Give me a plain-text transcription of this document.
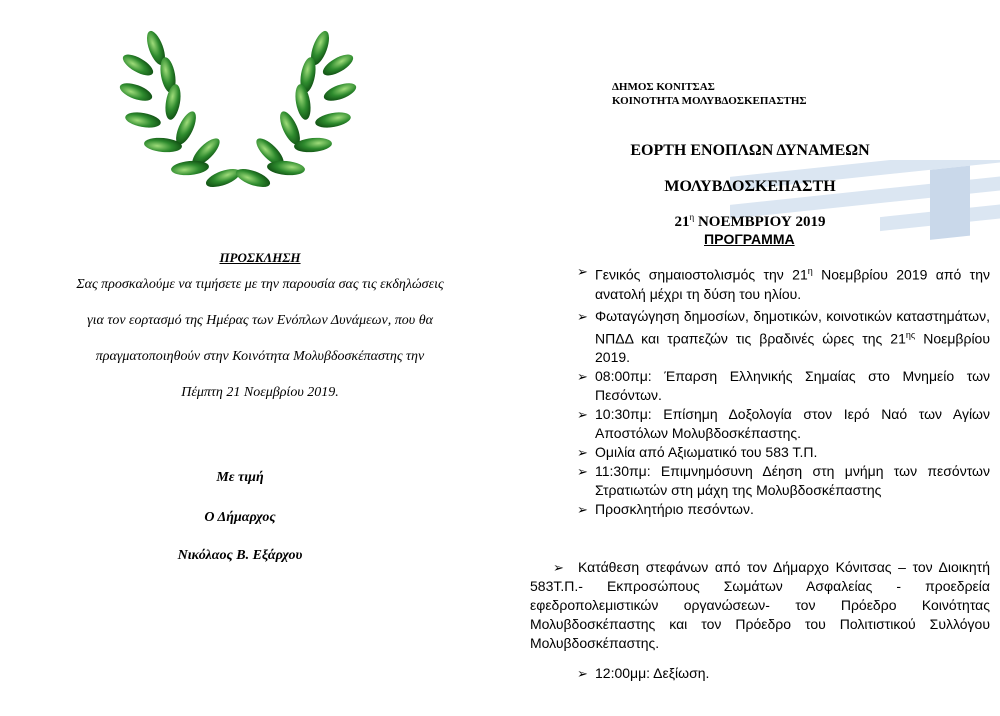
ΠΡΟΣΚΛΗΣΗ
Σας προσκαλούμε να τιμήσετε με την παρουσία σας τις εκδηλώσεις
για τον εορτασμό της Ημέρας των Ενόπλων Δυνάμεων, που θα
πραγματοποιηθούν στην Κοινότητα Μολυβδοσκέπαστης την
Πέμπτη 21 Νοεμβρίου 2019.
Με τιμή
Ο Δήμαρχος
Νικόλαος Β. Εξάρχου
ΔΗΜΟΣ ΚΟΝΙΤΣΑΣ
ΚΟΙΝΟΤΗΤΑ ΜΟΛΥΒΔΟΣΚΕΠΑΣΤΗΣ
ΕΟΡΤΗ ΕΝΟΠΛΩΝ ΔΥΝΑΜΕΩΝ
ΜΟΛΥΒΔΟΣΚΕΠΑΣΤΗ
$21^\eta$ ΝΟΕΜΒΡΙΟΥ 2019
ΠΡΟΓΡΑΜΜΑ
➢ Γενικός σημαιοστολισμός την $21^\eta$ Νοεμβρίου 2019 από την ανατολή μέχρι τη δύση του ηλίου.
➢ Φωταγώγηση δημοσίων, δημοτικών, κοινοτικών καταστημάτων, ΝΠΔΔ και τραπεζών τις βραδινές ώρες της $21^{\eta\varsigma}$ Νοεμβρίου 2019.
➢ 08:00πμ: Έπαρση Ελληνικής Σημαίας στο Μνημείο των Πεσόντων.
➢ 10:30πμ: Επίσημη Δοξολογία στον Ιερό Ναό των Αγίων Αποστόλων Μολυβδοσκέπαστης.
➢ Ομιλία από Αξιωματικό του 583 Τ.Π.
➢ 11:30πμ: Επιμνημόσυνη Δέηση στη μνήμη των πεσόντων Στρατιωτών στη μάχη της Μολυβδοσκέπαστης
➢ Προσκλητήριο πεσόντων.
➢	Κατάθεση στεφάνων από τον Δήμαρχο Κόνιτσας – τον Διοικητή 583Τ.Π.- Εκπροσώπους Σωμάτων Ασφαλείας - προεδρεία εφεδροπολεμιστικών οργανώσεων- τον Πρόεδρο Κοινότητας Μολυβδοσκέπαστης και τον Πρόεδρο του Πολιτιστικού Συλλόγου Μολυβδοσκέπαστης.
➢ 12:00μμ: Δεξίωση.
